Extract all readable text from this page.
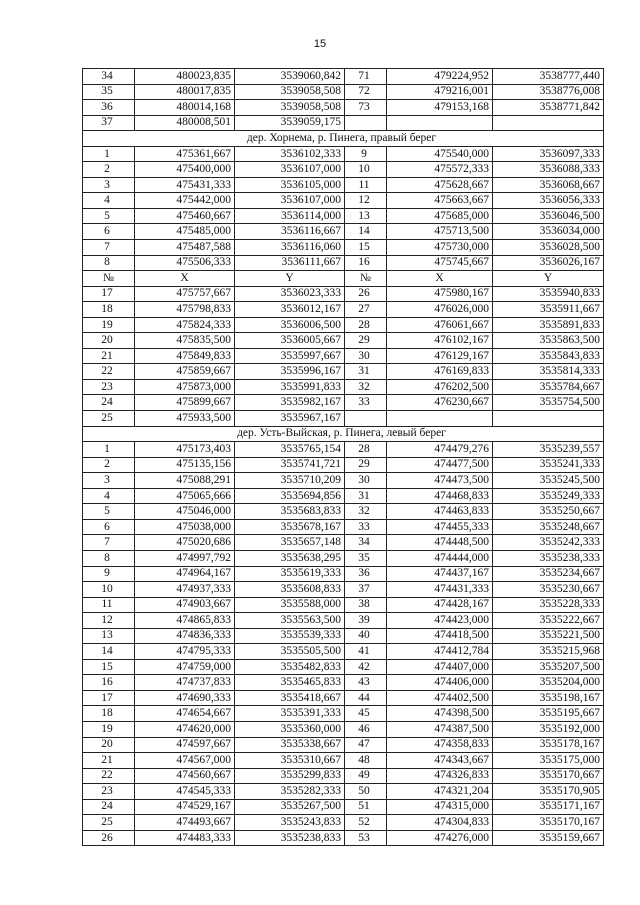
15
34	480023,835	3539060,842	71	479224,952	3538777,440
35	480017,835	3539058,508	72	479216,001	3538776,008
36	480014,168	3539058,508	73	479153,168	3538771,842
37	480008,501	3539059,175			
дер. Хорнема, р. Пинега, правый берег					
1	475361,667	3536102,333	9	475540,000	3536097,333
2	475400,000	3536107,000	10	475572,333	3536088,333
3	475431,333	3536105,000	11	475628,667	3536068,667
4	475442,000	3536107,000	12	475663,667	3536056,333
5	475460,667	3536114,000	13	475685,000	3536046,500
6	475485,000	3536116,667	14	475713,500	3536034,000
7	475487,588	3536116,060	15	475730,000	3536028,500
8	475506,333	3536111,667	16	475745,667	3536026,167
№	X	Y	№	X	Y
17	475757,667	3536023,333	26	475980,167	3535940,833
18	475798,833	3536012,167	27	476026,000	3535911,667
19	475824,333	3536006,500	28	476061,667	3535891,833
20	475835,500	3536005,667	29	476102,167	3535863,500
21	475849,833	3535997,667	30	476129,167	3535843,833
22	475859,667	3535996,167	31	476169,833	3535814,333
23	475873,000	3535991,833	32	476202,500	3535784,667
24	475899,667	3535982,167	33	476230,667	3535754,500
25	475933,500	3535967,167			
дер. Усть-Выйская, р. Пинега, левый берег					
1	475173,403	3535765,154	28	474479,276	3535239,557
2	475135,156	3535741,721	29	474477,500	3535241,333
3	475088,291	3535710,209	30	474473,500	3535245,500
4	475065,666	3535694,856	31	474468,833	3535249,333
5	475046,000	3535683,833	32	474463,833	3535250,667
6	475038,000	3535678,167	33	474455,333	3535248,667
7	475020,686	3535657,148	34	474448,500	3535242,333
8	474997,792	3535638,295	35	474444,000	3535238,333
9	474964,167	3535619,333	36	474437,167	3535234,667
10	474937,333	3535608,833	37	474431,333	3535230,667
11	474903,667	3535588,000	38	474428,167	3535228,333
12	474865,833	3535563,500	39	474423,000	3535222,667
13	474836,333	3535539,333	40	474418,500	3535221,500
14	474795,333	3535505,500	41	474412,784	3535215,968
15	474759,000	3535482,833	42	474407,000	3535207,500
16	474737,833	3535465,833	43	474406,000	3535204,000
17	474690,333	3535418,667	44	474402,500	3535198,167
18	474654,667	3535391,333	45	474398,500	3535195,667
19	474620,000	3535360,000	46	474387,500	3535192,000
20	474597,667	3535338,667	47	474358,833	3535178,167
21	474567,000	3535310,667	48	474343,667	3535175,000
22	474560,667	3535299,833	49	474326,833	3535170,667
23	474545,333	3535282,333	50	474321,204	3535170,905
24	474529,167	3535267,500	51	474315,000	3535171,167
25	474493,667	3535243,833	52	474304,833	3535170,167
26	474483,333	3535238,833	53	474276,000	3535159,667
